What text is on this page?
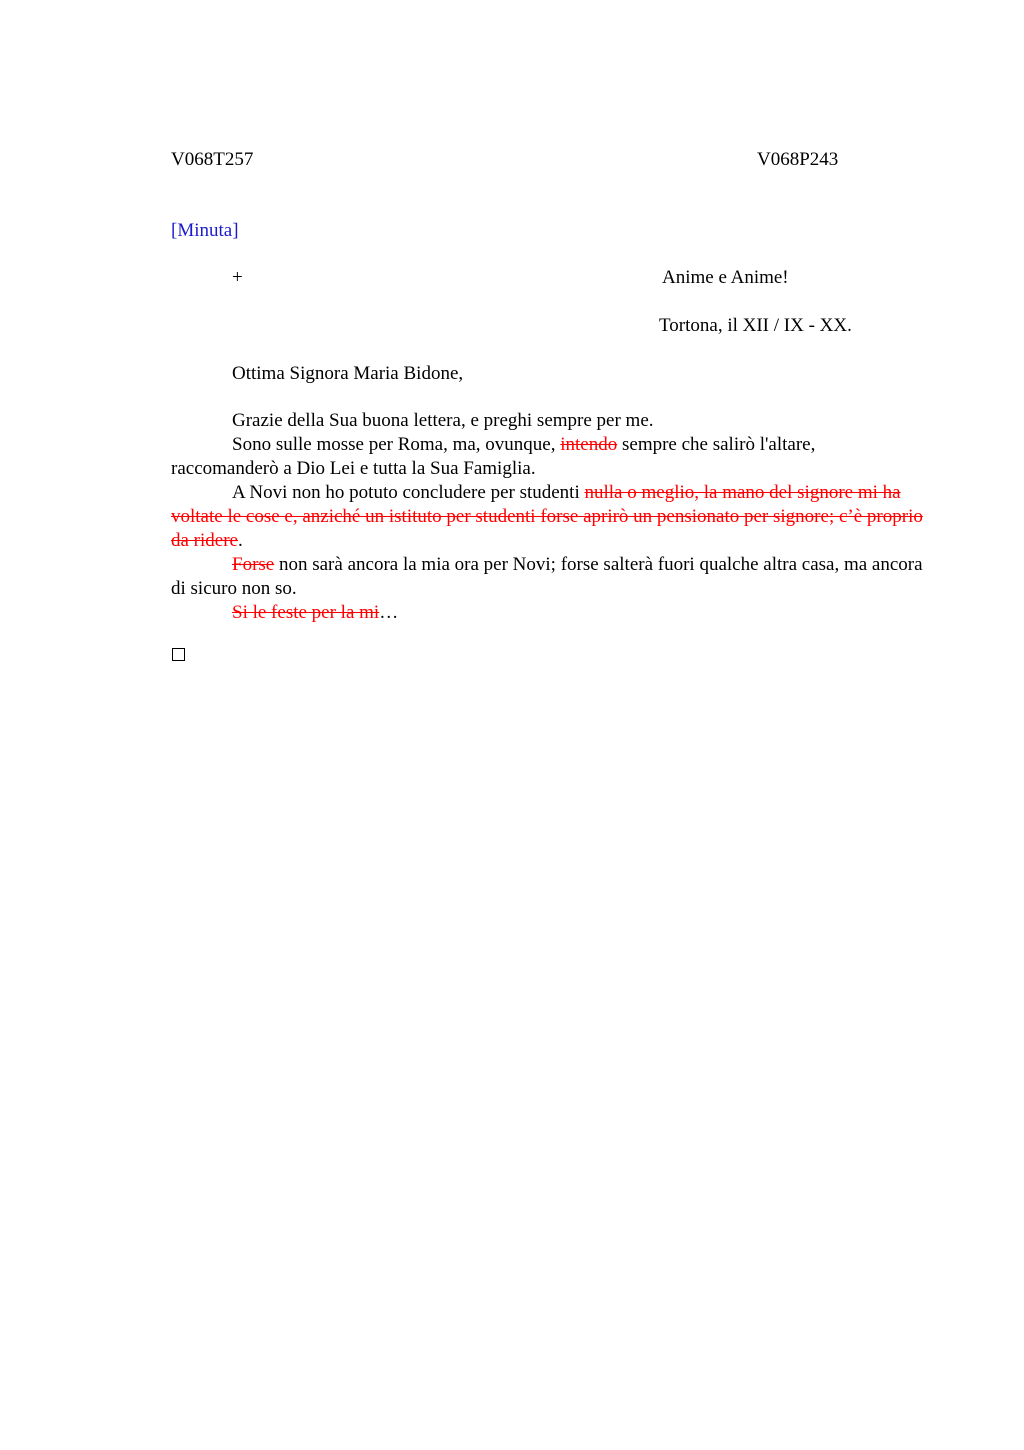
V068T257	V068P243
[Minuta]
+	Anime e Anime!
Tortona, il XII / IX - XX.
Ottima Signora Maria Bidone,

Grazie della Sua buona lettera, e preghi sempre per me.

Sono sulle mosse per Roma, ma, ovunque, intendo sempre che salirò l'altare, raccomanderò a Dio Lei e tutta la Sua Famiglia.

A Novi non ho potuto concludere per studenti nulla o meglio, la mano del signore mi ha voltate le cose e, anziché un istituto per studenti forse aprirò un pensionato per signore; c’è proprio da ridere.

Forse non sarà ancora la mia ora per Novi; forse salterà fuori qualche altra casa, ma ancora di sicuro non so.

Si le feste per la mi…
